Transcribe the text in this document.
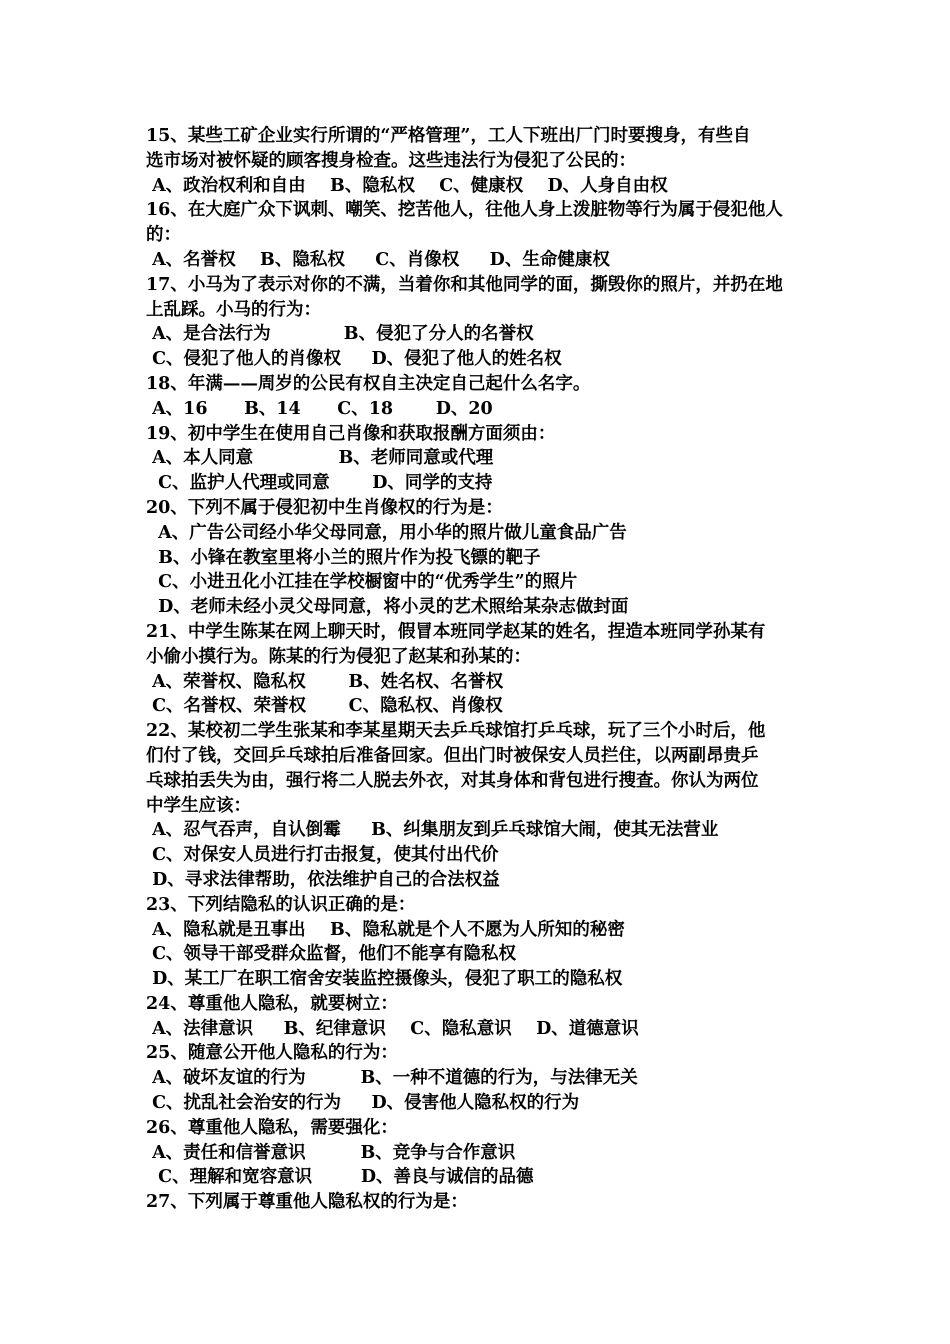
15、某些工矿企业实行所谓的“严格管理”，工人下班出厂门时要搜身，有些自
选市场对被怀疑的顾客搜身检查。这些违法行为侵犯了公民的：
A、政治权利和自由    B、隐私权    C、健康权    D、人身自由权
16、在大庭广众下讽刺、嘲笑、挖苦他人，往他人身上泼脏物等行为属于侵犯他人
的：
A、名誉权    B、隐私权     C、肖像权     D、生命健康权
17、小马为了表示对你的不满，当着你和其他同学的面，撕毁你的照片，并扔在地
上乱踩。小马的行为：
A、是合法行为            B、侵犯了分人的名誉权
C、侵犯了他人的肖像权     D、侵犯了他人的姓名权
18、年满——周岁的公民有权自主决定自己起什么名字。
A、16      B、14      C、18       D、20
19、初中学生在使用自己肖像和获取报酬方面须由：
A、本人同意              B、老师同意或代理
C、监护人代理或同意       D、同学的支持
20、下列不属于侵犯初中生肖像权的行为是：
A、广告公司经小华父母同意，用小华的照片做儿童食品广告
B、小锋在教室里将小兰的照片作为投飞镖的靶子
C、小进丑化小江挂在学校橱窗中的“优秀学生”的照片
D、老师未经小灵父母同意，将小灵的艺术照给某杂志做封面
21、中学生陈某在网上聊天时，假冒本班同学赵某的姓名，捏造本班同学孙某有
小偷小摸行为。陈某的行为侵犯了赵某和孙某的：
A、荣誉权、隐私权       B、姓名权、名誉权
C、名誉权、荣誉权       C、隐私权、肖像权
22、某校初二学生张某和李某星期天去乒乓球馆打乒乓球，玩了三个小时后，他
们付了钱，交回乒乓球拍后准备回家。但出门时被保安人员拦住，以两副昂贵乒
乓球拍丢失为由，强行将二人脱去外衣，对其身体和背包进行搜查。你认为两位
中学生应该：
A、忍气吞声，自认倒霉     B、纠集朋友到乒乓球馆大闹，使其无法营业
C、对保安人员进行打击报复，使其付出代价
D、寻求法律帮助，依法维护自己的合法权益
23、下列结隐私的认识正确的是：
A、隐私就是丑事出    B、隐私就是个人不愿为人所知的秘密
C、领导干部受群众监督，他们不能享有隐私权
D、某工厂在职工宿舍安装监控摄像头，侵犯了职工的隐私权
24、尊重他人隐私，就要树立：
A、法律意识     B、纪律意识    C、隐私意识    D、道德意识
25、随意公开他人隐私的行为：
A、破坏友谊的行为         B、一种不道德的行为，与法律无关
C、扰乱社会治安的行为     D、侵害他人隐私权的行为
26、尊重他人隐私，需要强化：
A、责任和信誉意识         B、竞争与合作意识
C、理解和宽容意识        D、善良与诚信的品德
27、下列属于尊重他人隐私权的行为是：
